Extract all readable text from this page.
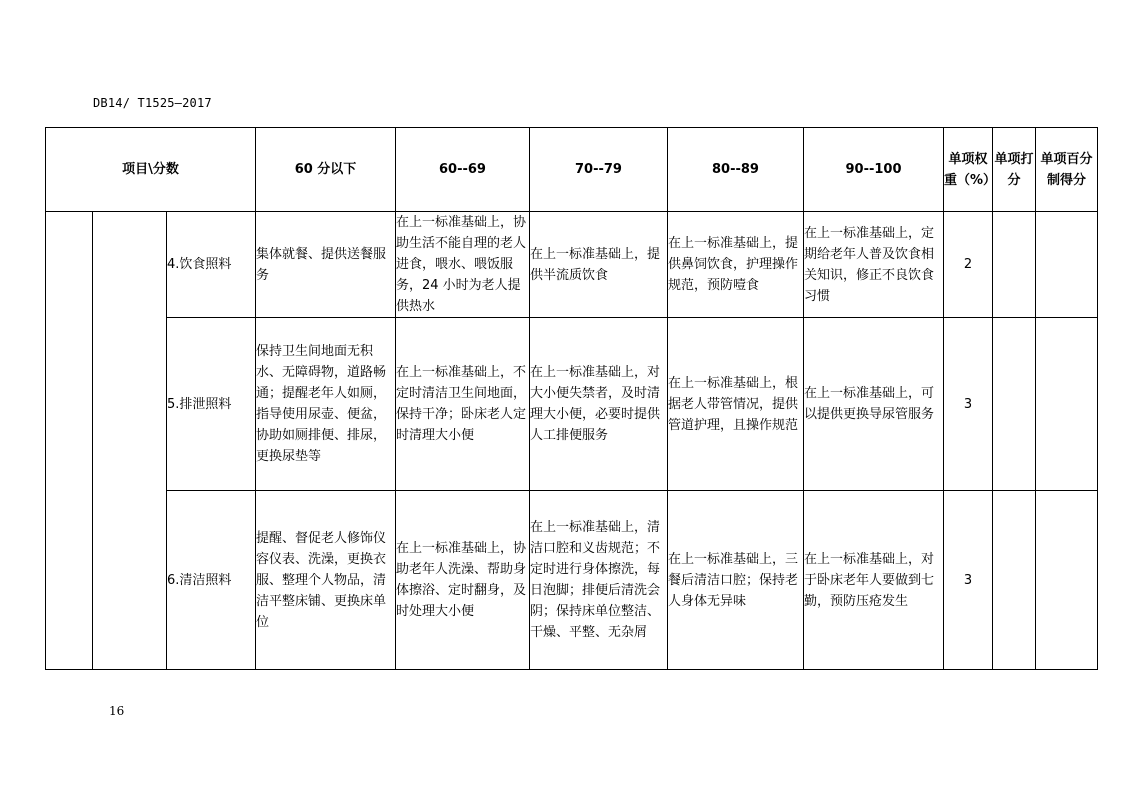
DB14/ T1525—2017
项目\分数			60 分以下	60--69	70--79	80--89	90--100	单项权重（%）	单项打分	单项百分制得分
		4.饮食照料	集体就餐、提供送餐服务	在上一标准基础上，协助生活不能自理的老人进食，喂水、喂饭服务，24 小时为老人提供热水	在上一标准基础上，提供半流质饮食	在上一标准基础上，提供鼻饲饮食，护理操作规范，预防噎食	在上一标准基础上，定期给老年人普及饮食相关知识，修正不良饮食习惯	2		
		5.排泄照料	保持卫生间地面无积水、无障碍物，道路畅通；提醒老年人如厕，指导使用尿壶、便盆，协助如厕排便、排尿，更换尿垫等	在上一标准基础上，不定时清洁卫生间地面，保持干净；卧床老人定时清理大小便	在上一标准基础上，对大小便失禁者，及时清理大小便，必要时提供人工排便服务	在上一标准基础上，根据老人带管情况，提供管道护理，且操作规范	在上一标准基础上，可以提供更换导尿管服务	3		
		6.清洁照料	提醒、督促老人修饰仪容仪表、洗澡，更换衣服、整理个人物品，清洁平整床铺、更换床单位	在上一标准基础上，协助老年人洗澡、帮助身体擦浴、定时翻身，及时处理大小便	在上一标准基础上，清洁口腔和义齿规范；不定时进行身体擦洗，每日泡脚；排便后清洗会阴；保持床单位整洁、干燥、平整、无杂屑	在上一标准基础上，三餐后清洁口腔；保持老人身体无异味	在上一标准基础上，对于卧床老年人要做到七勤，预防压疮发生	3		
16
